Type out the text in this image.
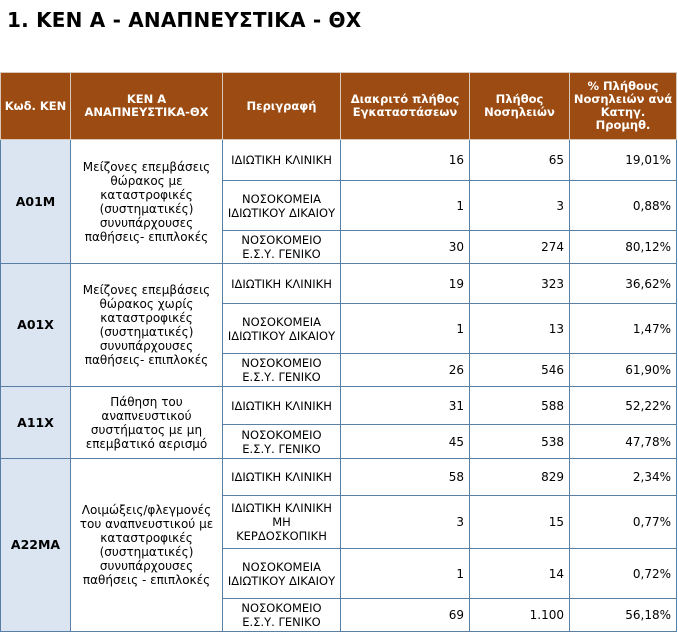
1. ΚΕΝ Α - ΑΝΑΠΝΕΥΣΤΙΚΑ - ΘΧ
Κωδ. ΚΕΝ	ΚΕΝ Α ΑΝΑΠΝΕΥΣΤΙΚΑ-ΘΧ	Περιγραφή	Διακριτό πλήθος Εγκαταστάσεων	Πλήθος Νοσηλειών	% Πλήθους Νοσηλειών ανά Κατηγ. Προμηθ.
A01M	Μείζονες επεμβάσεις θώρακος με καταστροφικές (συστηματικές) συνυπάρχουσες παθήσεις- επιπλοκές	ΙΔΙΩΤΙΚΗ ΚΛΙΝΙΚΗ	16	65	19,01%
		ΝΟΣΟΚΟΜΕΙΑ ΙΔΙΩΤΙΚΟΥ ΔΙΚΑΙΟΥ	1	3	0,88%
		ΝΟΣΟΚΟΜΕΙΟ Ε.Σ.Υ. ΓΕΝΙΚΟ	30	274	80,12%
A01X	Μείζονες επεμβάσεις θώρακος χωρίς καταστροφικές (συστηματικές) συνυπάρχουσες παθήσεις- επιπλοκές	ΙΔΙΩΤΙΚΗ ΚΛΙΝΙΚΗ	19	323	36,62%
		ΝΟΣΟΚΟΜΕΙΑ ΙΔΙΩΤΙΚΟΥ ΔΙΚΑΙΟΥ	1	13	1,47%
		ΝΟΣΟΚΟΜΕΙΟ Ε.Σ.Υ. ΓΕΝΙΚΟ	26	546	61,90%
A11X	Πάθηση του αναπνευστικού συστήματος με μη επεμβατικό αερισμό	ΙΔΙΩΤΙΚΗ ΚΛΙΝΙΚΗ	31	588	52,22%
		ΝΟΣΟΚΟΜΕΙΟ Ε.Σ.Υ. ΓΕΝΙΚΟ	45	538	47,78%
A22MA	Λοιμώξεις/φλεγμονές του αναπνευστικού με καταστροφικές (συστηματικές) συνυπάρχουσες παθήσεις - επιπλοκές	ΙΔΙΩΤΙΚΗ ΚΛΙΝΙΚΗ	58	829	2,34%
		ΙΔΙΩΤΙΚΗ ΚΛΙΝΙΚΗ ΜΗ ΚΕΡΔΟΣΚΟΠΙΚΗ	3	15	0,77%
		ΝΟΣΟΚΟΜΕΙΑ ΙΔΙΩΤΙΚΟΥ ΔΙΚΑΙΟΥ	1	14	0,72%
		ΝΟΣΟΚΟΜΕΙΟ Ε.Σ.Υ. ΓΕΝΙΚΟ	69	1.100	56,18%
